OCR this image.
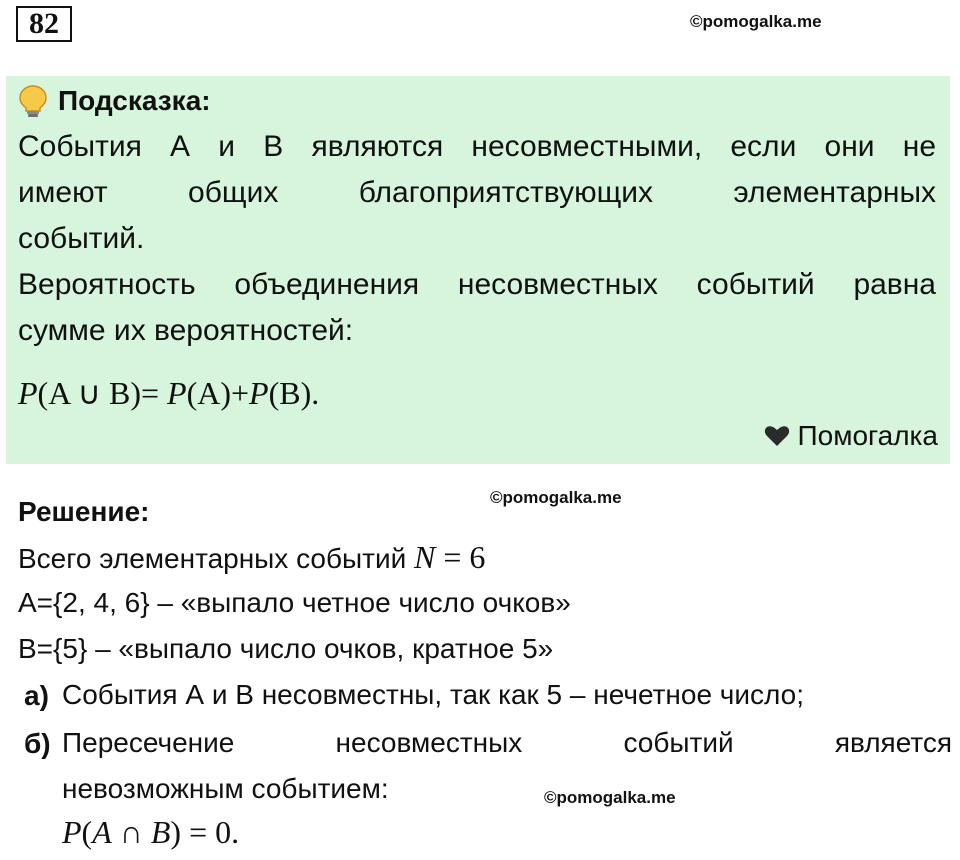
82	©pomogalka.me
Подсказка:
События А и В являются несовместными, если они не
имеют	общих	благоприятствующих	элементарных
событий.
Вероятность объединения несовместных событий равна
сумме их вероятностей:
P(A ∪ B)= P(A)+P(B).
Помогалка
Решение:	©pomogalka.me
Всего элементарных событий N = 6
A={2, 4, 6} – «выпало четное число очков»
B={5} – «выпало число очков, кратное 5»
а) События А и В несовместны, так как 5 – нечетное число;
б) Пересечение	несовместных	событий	является
невозможным событием:	©pomogalka.me
P(A ∩ B) = 0.
